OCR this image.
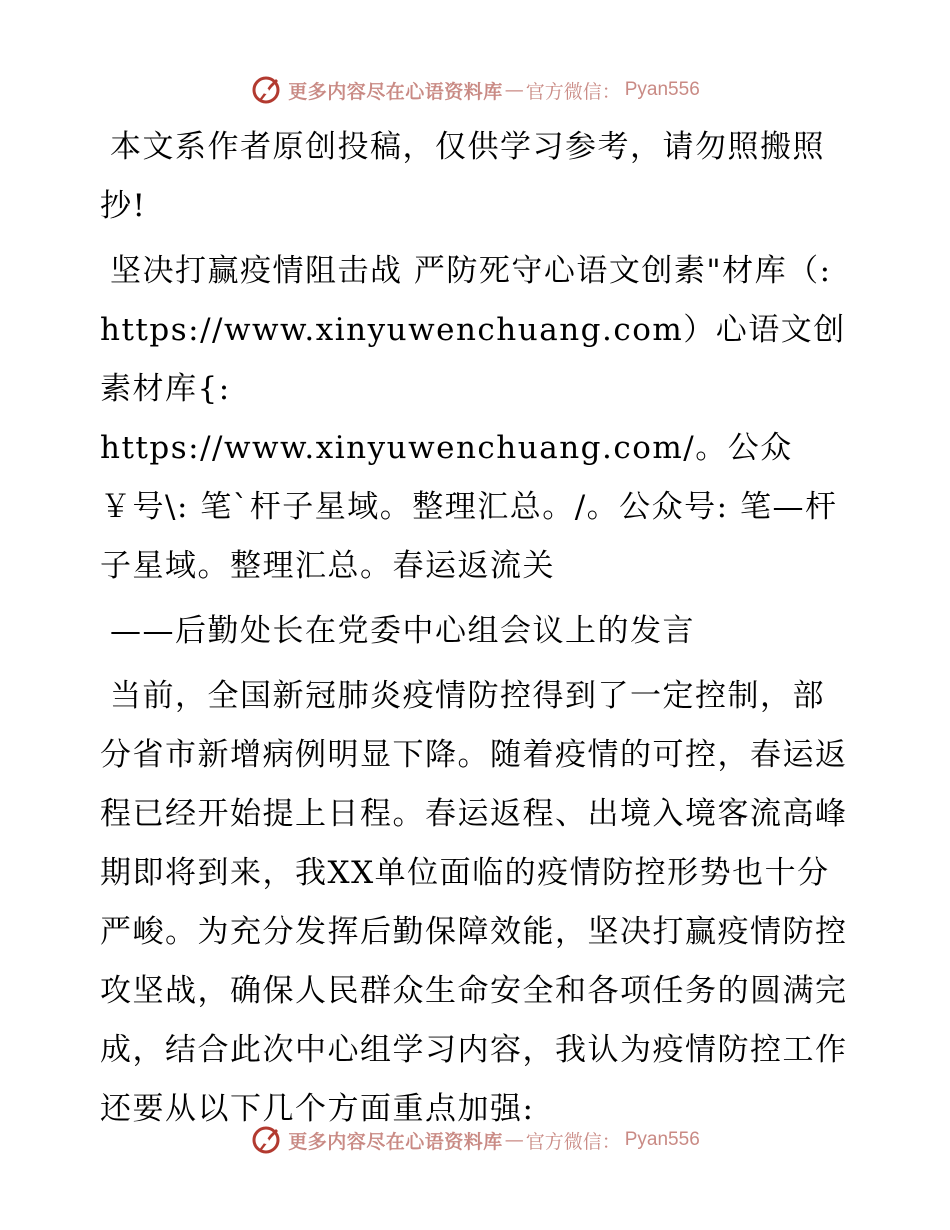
更多内容尽在心语资料库 — 官方微信： Pyan556

本文系作者原创投稿，仅供学习参考，请勿照搬照抄!

坚决打赢疫情阻击战 严防死守心语文创素"材库（: https://www.xinyuwenchuang.com）心语文创素材库{: https://www.xinyuwenchuang.com/。公众￥号\: 笔`杆子星域。整理汇总。/。公众号: 笔—杆子星域。整理汇总。春运返流关

——后勤处长在党委中心组会议上的发言

当前，全国新冠肺炎疫情防控得到了一定控制，部分省市新增病例明显下降。随着疫情的可控，春运返程已经开始提上日程。春运返程、出境入境客流高峰期即将到来，我XX单位面临的疫情防控形势也十分严峻。为充分发挥后勤保障效能，坚决打赢疫情防控攻坚战，确保人民群众生命安全和各项任务的圆满完成，结合此次中心组学习内容，我认为疫情防控工作还要从以下几个方面重点加强:

更多内容尽在心语资料库 — 官方微信： Pyan556
